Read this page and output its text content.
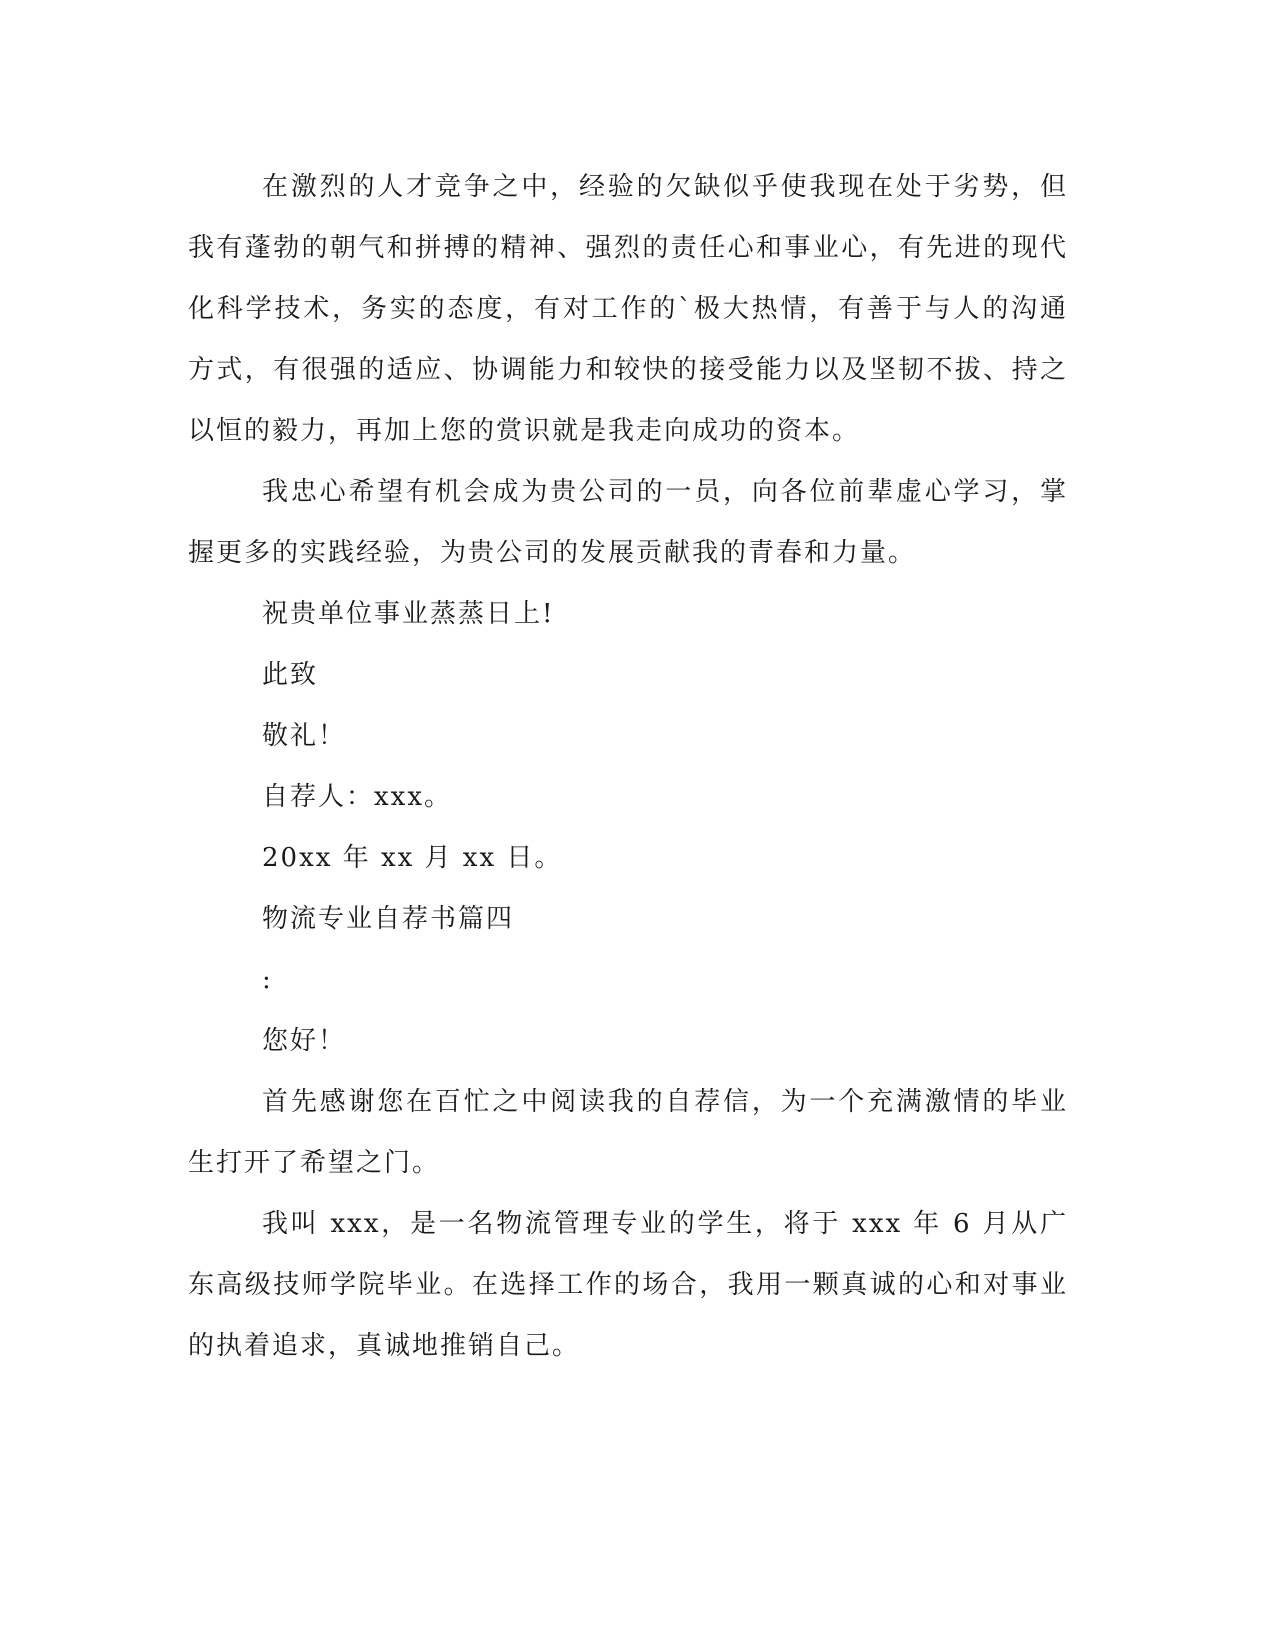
在激烈的人才竞争之中，经验的欠缺似乎使我现在处于劣势，但我有蓬勃的朝气和拼搏的精神、强烈的责任心和事业心，有先进的现代化科学技术，务实的态度，有对工作的`极大热情，有善于与人的沟通方式，有很强的适应、协调能力和较快的接受能力以及坚韧不拔、持之以恒的毅力，再加上您的赏识就是我走向成功的资本。

我忠心希望有机会成为贵公司的一员，向各位前辈虚心学习，掌握更多的实践经验，为贵公司的发展贡献我的青春和力量。

祝贵单位事业蒸蒸日上!

此致

敬礼！

自荐人：xxx。

20xx 年 xx 月 xx 日。

物流专业自荐书篇四

:

您好！

首先感谢您在百忙之中阅读我的自荐信，为一个充满激情的毕业生打开了希望之门。

我叫 xxx，是一名物流管理专业的学生，将于 xxx 年 6 月从广东高级技师学院毕业。在选择工作的场合，我用一颗真诚的心和对事业的执着追求，真诚地推销自己。
